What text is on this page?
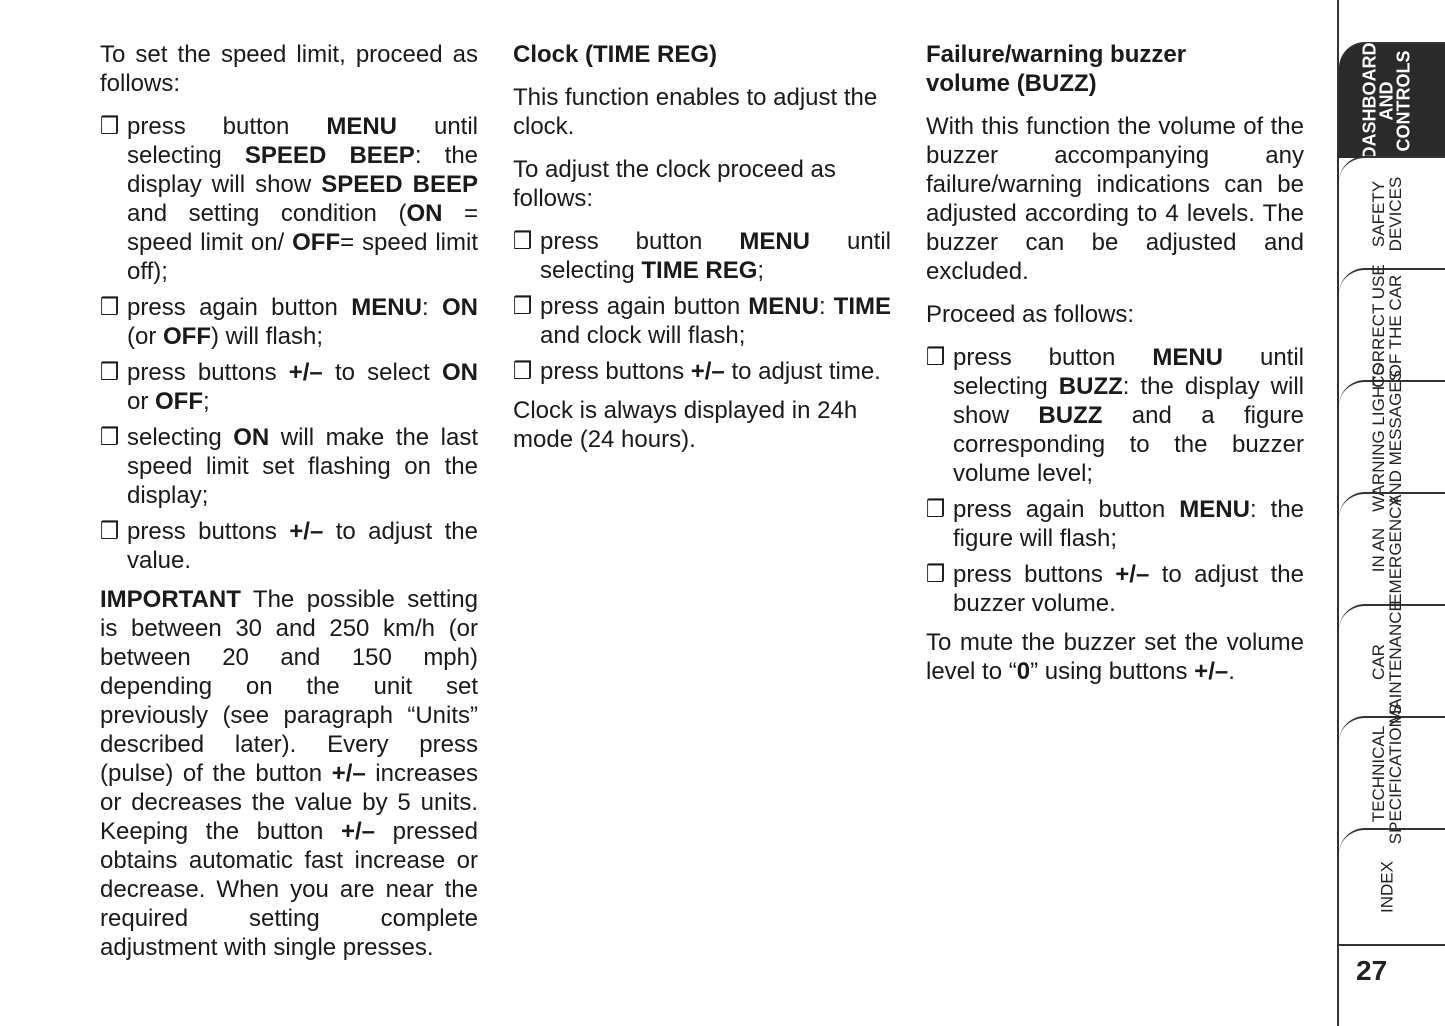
To set the speed limit, proceed as follows:

❒ press button MENU until selecting SPEED BEEP: the display will show SPEED BEEP and setting condition (ON = speed limit on/ OFF= speed limit off);
❒ press again button MENU: ON (or OFF) will flash;
❒ press buttons +/– to select ON or OFF;
❒ selecting ON will make the last speed limit set flashing on the display;
❒ press buttons +/– to adjust the value.

IMPORTANT The possible setting is between 30 and 250 km/h (or between 20 and 150 mph) depending on the unit set previously (see paragraph “Units” described later). Every press (pulse) of the button +/– increases or decreases the value by 5 units. Keeping the button +/– pressed obtains automatic fast increase or decrease. When you are near the required setting complete adjustment with single presses.

Clock (TIME REG)

This function enables to adjust the clock.

To adjust the clock proceed as follows:

❒ press button MENU until selecting TIME REG;
❒ press again button MENU: TIME and clock will flash;
❒ press buttons +/– to adjust time.

Clock is always displayed in 24h mode (24 hours).

Failure/warning buzzer
volume (BUZZ)

With this function the volume of the buzzer accompanying any failure/warning indications can be adjusted according to 4 levels. The buzzer can be adjusted and excluded.

Proceed as follows:

❒ press button MENU until selecting BUZZ: the display will show BUZZ and a figure corresponding to the buzzer volume level;
❒ press again button MENU: the figure will flash;
❒ press buttons +/– to adjust the buzzer volume.

To mute the buzzer set the volume level to “0” using buttons +/–.

DASHBOARD
AND
CONTROLS
SAFETY
DEVICES
CORRECT USE
OF THE CAR
WARNING LIGHTS
AND MESSAGES
IN AN
EMERGENCY
CAR
MAINTENANCE
TECHNICAL
SPECIFICATIONS
INDEX
27
